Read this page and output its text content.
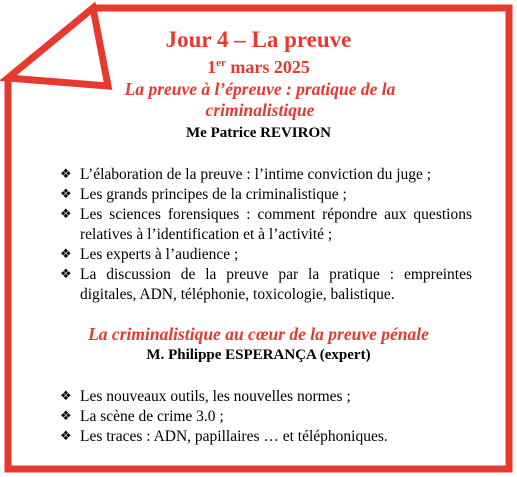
Jour 4 – La preuve
1er mars 2025
La preuve à l’épreuve : pratique de la criminalistique
Me Patrice REVIRON
❖ L’élaboration de la preuve : l’intime conviction du juge ;
❖ Les grands principes de la criminalistique ;
❖ Les sciences forensiques : comment répondre aux questions relatives à l’identification et à l’activité ;
❖ Les experts à l’audience ;
❖ La discussion de la preuve par la pratique : empreintes digitales, ADN, téléphonie, toxicologie, balistique.
La criminalistique au cœur de la preuve pénale
M. Philippe ESPERANÇA (expert)
❖ Les nouveaux outils, les nouvelles normes ;
❖ La scène de crime 3.0 ;
❖ Les traces : ADN, papillaires … et téléphoniques.
